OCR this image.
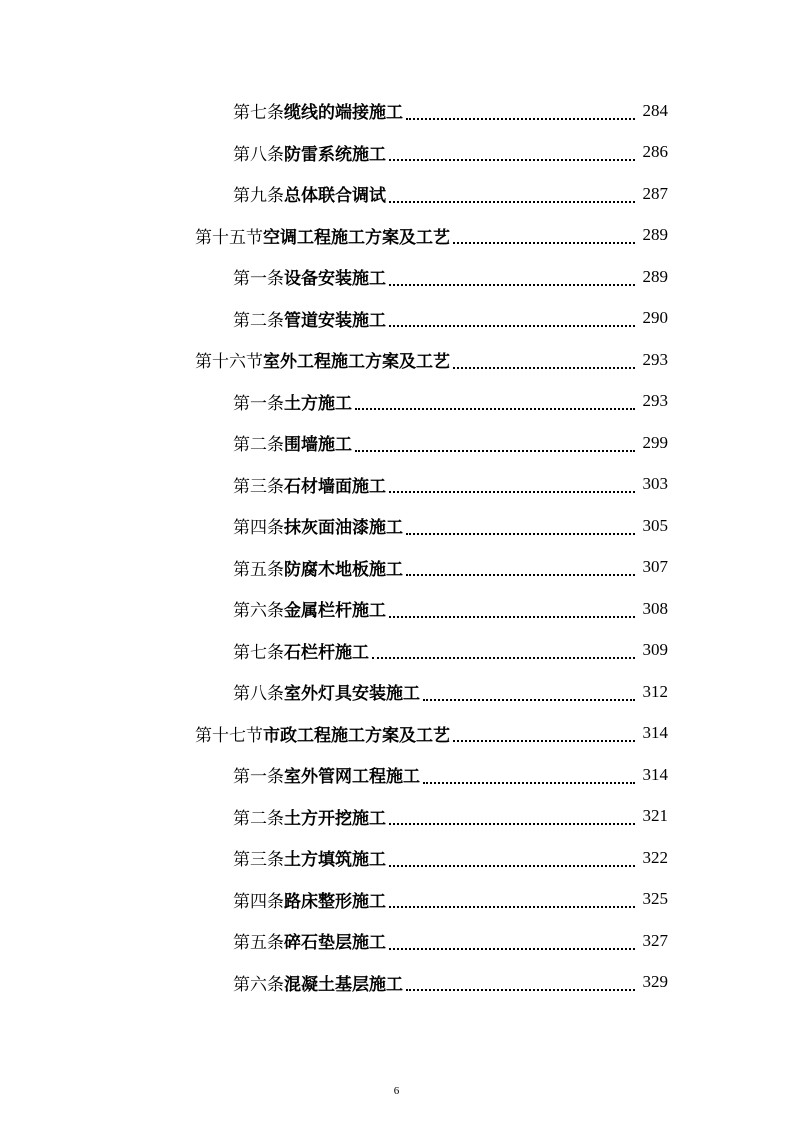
第七条缆线的端接施工	284
第八条防雷系统施工	286
第九条总体联合调试	287
第十五节空调工程施工方案及工艺	289
第一条设备安装施工	289
第二条管道安装施工	290
第十六节室外工程施工方案及工艺	293
第一条土方施工	293
第二条围墙施工	299
第三条石材墙面施工	303
第四条抹灰面油漆施工	305
第五条防腐木地板施工	307
第六条金属栏杆施工	308
第七条石栏杆施工	309
第八条室外灯具安装施工	312
第十七节市政工程施工方案及工艺	314
第一条室外管网工程施工	314
第二条土方开挖施工	321
第三条土方填筑施工	322
第四条路床整形施工	325
第五条碎石垫层施工	327
第六条混凝土基层施工	329
6
